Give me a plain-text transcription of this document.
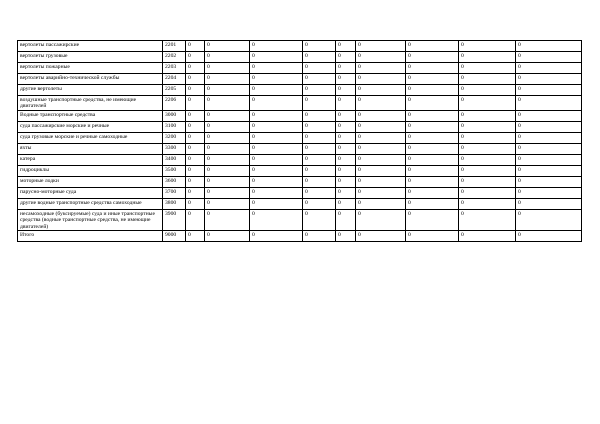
вертолеты пассажирские	2201	0	0	0	0	0	0	0	0	0
вертолеты грузовые	2202	0	0	0	0	0	0	0	0	0
вертолеты пожарные	2203	0	0	0	0	0	0	0	0	0
вертолеты аварийно-технической службы	2204	0	0	0	0	0	0	0	0	0
другие вертолеты	2205	0	0	0	0	0	0	0	0	0
воздушные транспортные средства, не имеющие двигателей	2206	0	0	0	0	0	0	0	0	0
Водные транспортные средства	3000	0	0	0	0	0	0	0	0	0
суда пассажирские морские и речные	3100	0	0	0	0	0	0	0	0	0
суда грузовые морские и речные самоходные	3200	0	0	0	0	0	0	0	0	0
яхты	3300	0	0	0	0	0	0	0	0	0
катера	3400	0	0	0	0	0	0	0	0	0
гидроциклы	3500	0	0	0	0	0	0	0	0	0
моторные лодки	3600	0	0	0	0	0	0	0	0	0
парусно-моторные суда	3700	0	0	0	0	0	0	0	0	0
другие водные транспортные средства самоходные	3800	0	0	0	0	0	0	0	0	0
несамоходные (буксируемые) суда и иные транспортные средства (водные транспортные средства, не имеющие двигателей)	3900	0	0	0	0	0	0	0	0	0
Итого	9000	0	0	0	0	0	0	0	0	0
